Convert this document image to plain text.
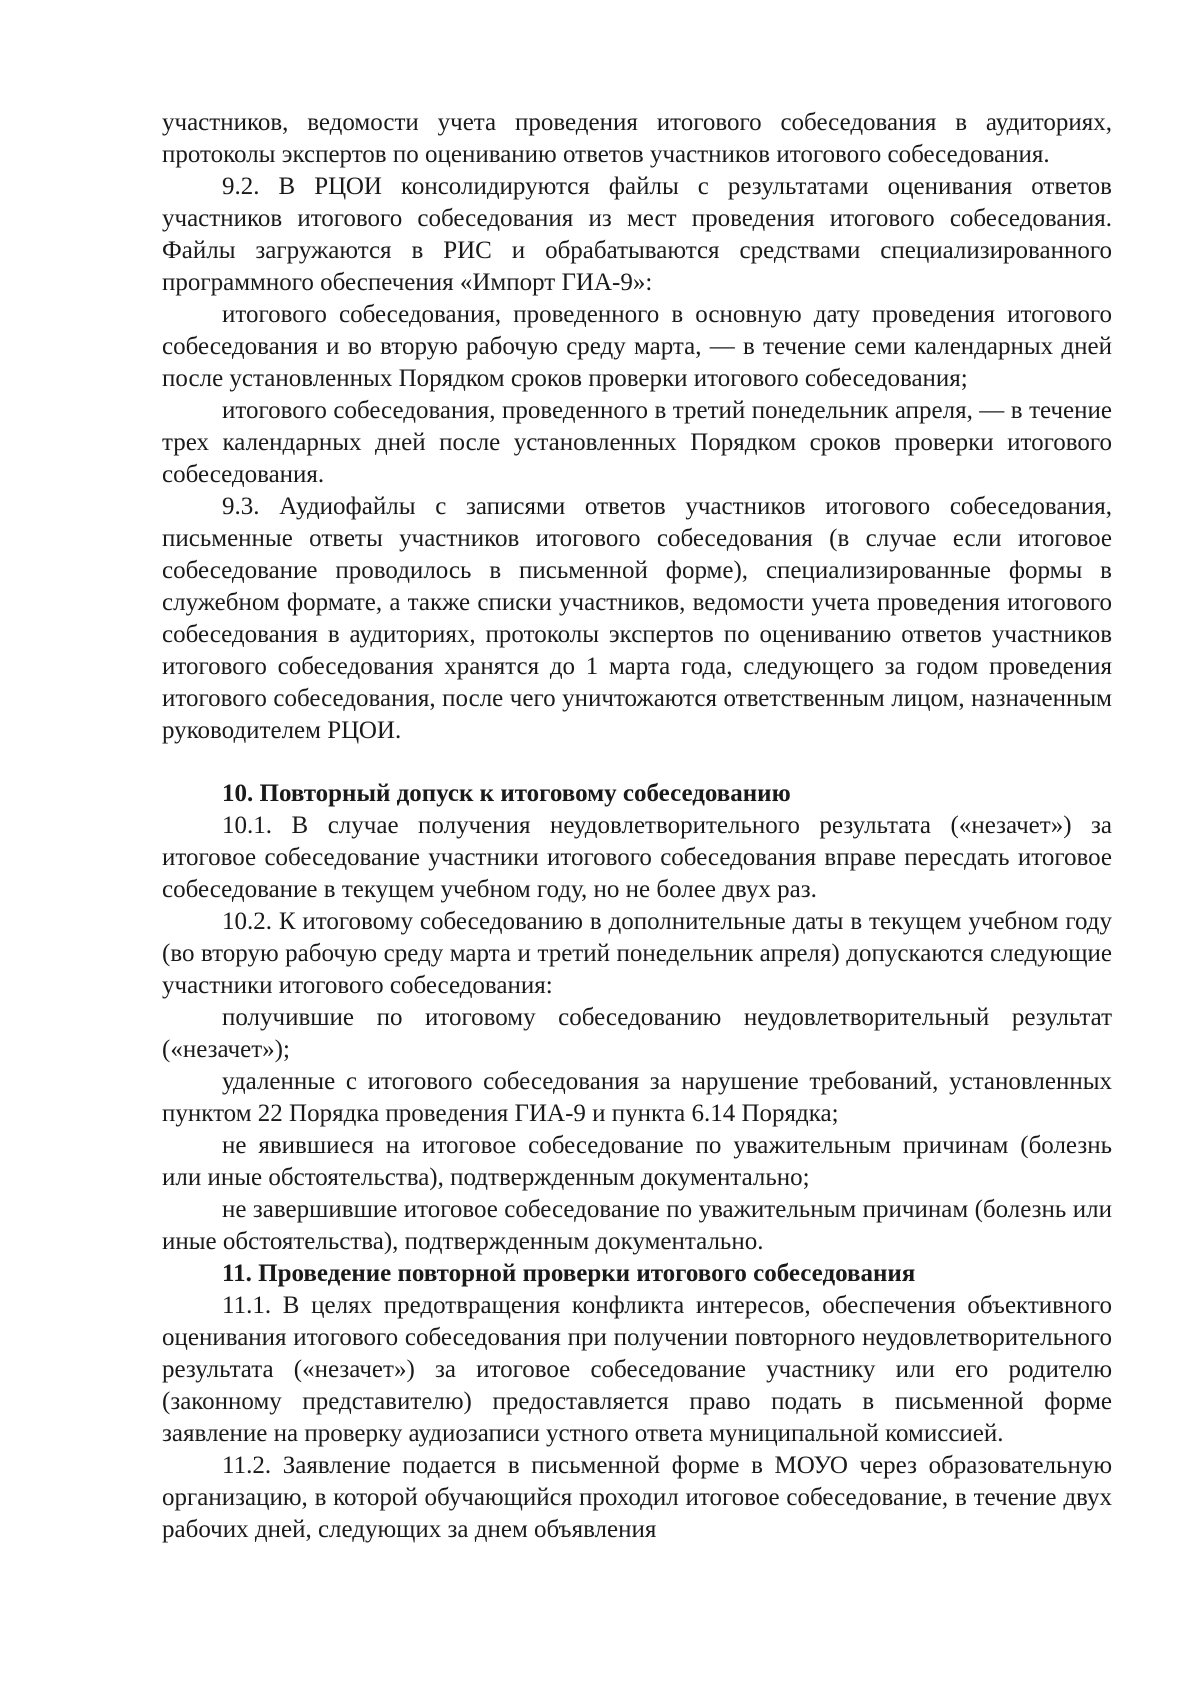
участников, ведомости учета проведения итогового собеседования в аудиториях, протоколы экспертов по оцениванию ответов участников итогового собеседования.

9.2. В РЦОИ консолидируются файлы с результатами оценивания ответов участников итогового собеседования из мест проведения итогового собеседования. Файлы загружаются в РИС и обрабатываются средствами специализированного программного обеспечения «Импорт ГИА-9»:

итогового собеседования, проведенного в основную дату проведения итогового собеседования и во вторую рабочую среду марта, — в течение семи календарных дней после установленных Порядком сроков проверки итогового собеседования;

итогового собеседования, проведенного в третий понедельник апреля, — в течение трех календарных дней после установленных Порядком сроков проверки итогового собеседования.

9.3. Аудиофайлы с записями ответов участников итогового собеседования, письменные ответы участников итогового собеседования (в случае если итоговое собеседование проводилось в письменной форме), специализированные формы в служебном формате, а также списки участников, ведомости учета проведения итогового собеседования в аудиториях, протоколы экспертов по оцениванию ответов участников итогового собеседования хранятся до 1 марта года, следующего за годом проведения итогового собеседования, после чего уничтожаются ответственным лицом, назначенным руководителем РЦОИ.

10. Повторный допуск к итоговому собеседованию

10.1. В случае получения неудовлетворительного результата («незачет») за итоговое собеседование участники итогового собеседования вправе пересдать итоговое собеседование в текущем учебном году, но не более двух раз.

10.2. К итоговому собеседованию в дополнительные даты в текущем учебном году (во вторую рабочую среду марта и третий понедельник апреля) допускаются следующие участники итогового собеседования:

получившие по итоговому собеседованию неудовлетворительный результат («незачет»);

удаленные с итогового собеседования за нарушение требований, установленных пунктом 22 Порядка проведения ГИА-9 и пункта 6.14 Порядка;

не явившиеся на итоговое собеседование по уважительным причинам (болезнь или иные обстоятельства), подтвержденным документально;

не завершившие итоговое собеседование по уважительным причинам (болезнь или иные обстоятельства), подтвержденным документально.

11. Проведение повторной проверки итогового собеседования

11.1. В целях предотвращения конфликта интересов, обеспечения объективного оценивания итогового собеседования при получении повторного неудовлетворительного результата («незачет») за итоговое собеседование участнику или его родителю (законному представителю) предоставляется право подать в письменной форме заявление на проверку аудиозаписи устного ответа муниципальной комиссией.

11.2. Заявление подается в письменной форме в МОУО через образовательную организацию, в которой обучающийся проходил итоговое собеседование, в течение двух рабочих дней, следующих за днем объявления
